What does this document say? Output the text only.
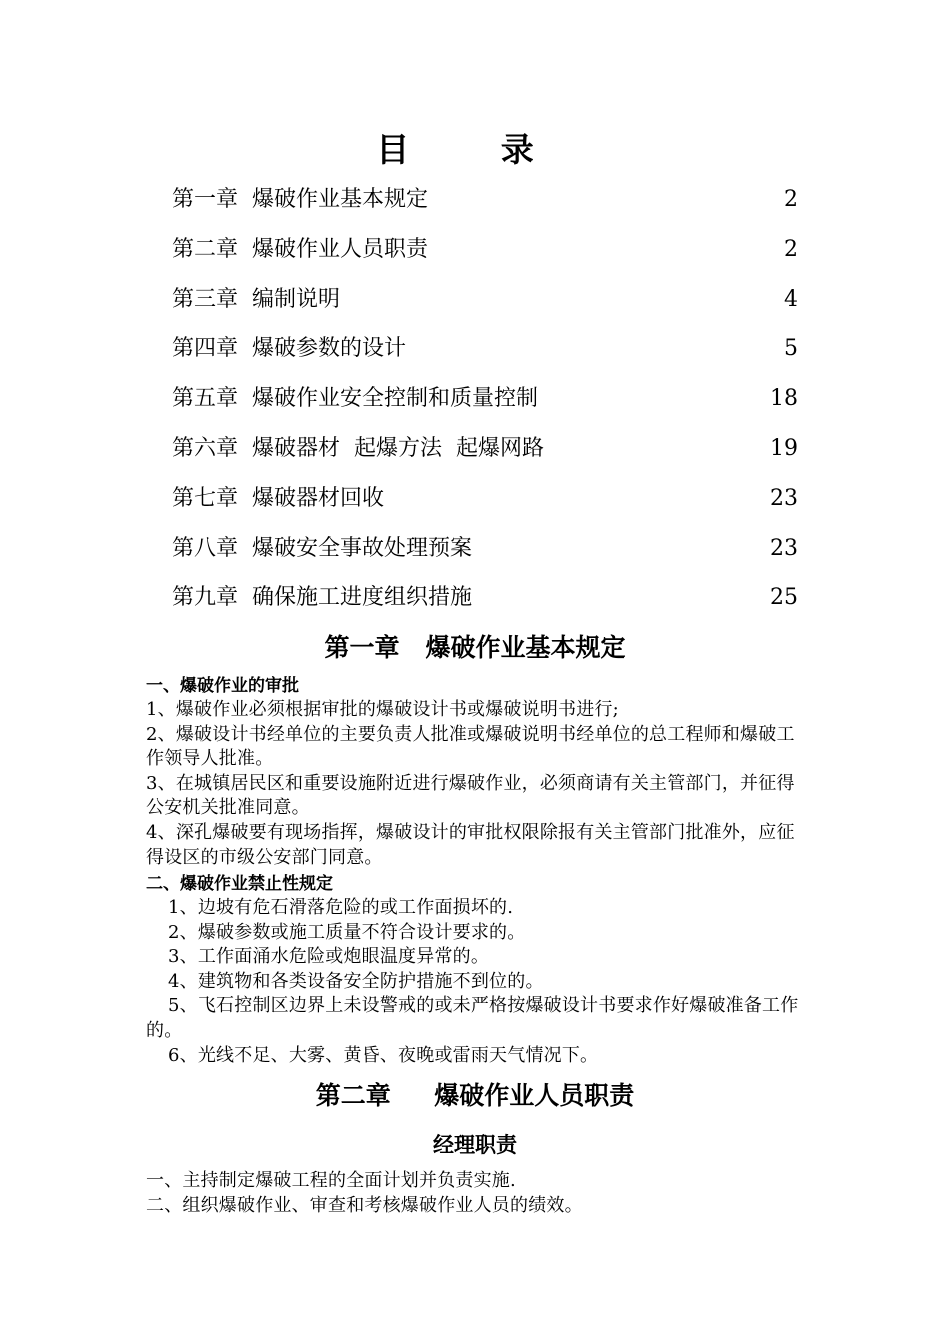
目 录
第一章  爆破作业基本规定	2
第二章  爆破作业人员职责	2
第三章  编制说明	4
第四章  爆破参数的设计	5
第五章  爆破作业安全控制和质量控制	18
第六章  爆破器材  起爆方法  起爆网路	19
第七章  爆破器材回收	23
第八章  爆破安全事故处理预案	23
第九章  确保施工进度组织措施	25
第一章   爆破作业基本规定
一、爆破作业的审批
1、爆破作业必须根据审批的爆破设计书或爆破说明书进行;
2、爆破设计书经单位的主要负责人批准或爆破说明书经单位的总工程师和爆破工作领导人批准。
3、在城镇居民区和重要设施附近进行爆破作业，必须商请有关主管部门，并征得公安机关批准同意。
4、深孔爆破要有现场指挥，爆破设计的审批权限除报有关主管部门批准外，应征得设区的市级公安部门同意。
二、爆破作业禁止性规定
1、边坡有危石滑落危险的或工作面损坏的.
2、爆破参数或施工质量不符合设计要求的。
3、工作面涌水危险或炮眼温度异常的。
4、建筑物和各类设备安全防护措施不到位的。
5、飞石控制区边界上未设警戒的或未严格按爆破设计书要求作好爆破准备工作的。
6、光线不足、大雾、黄昏、夜晚或雷雨天气情况下。
第二章     爆破作业人员职责
经理职责
一、主持制定爆破工程的全面计划并负责实施.
二、组织爆破作业、审查和考核爆破作业人员的绩效。
